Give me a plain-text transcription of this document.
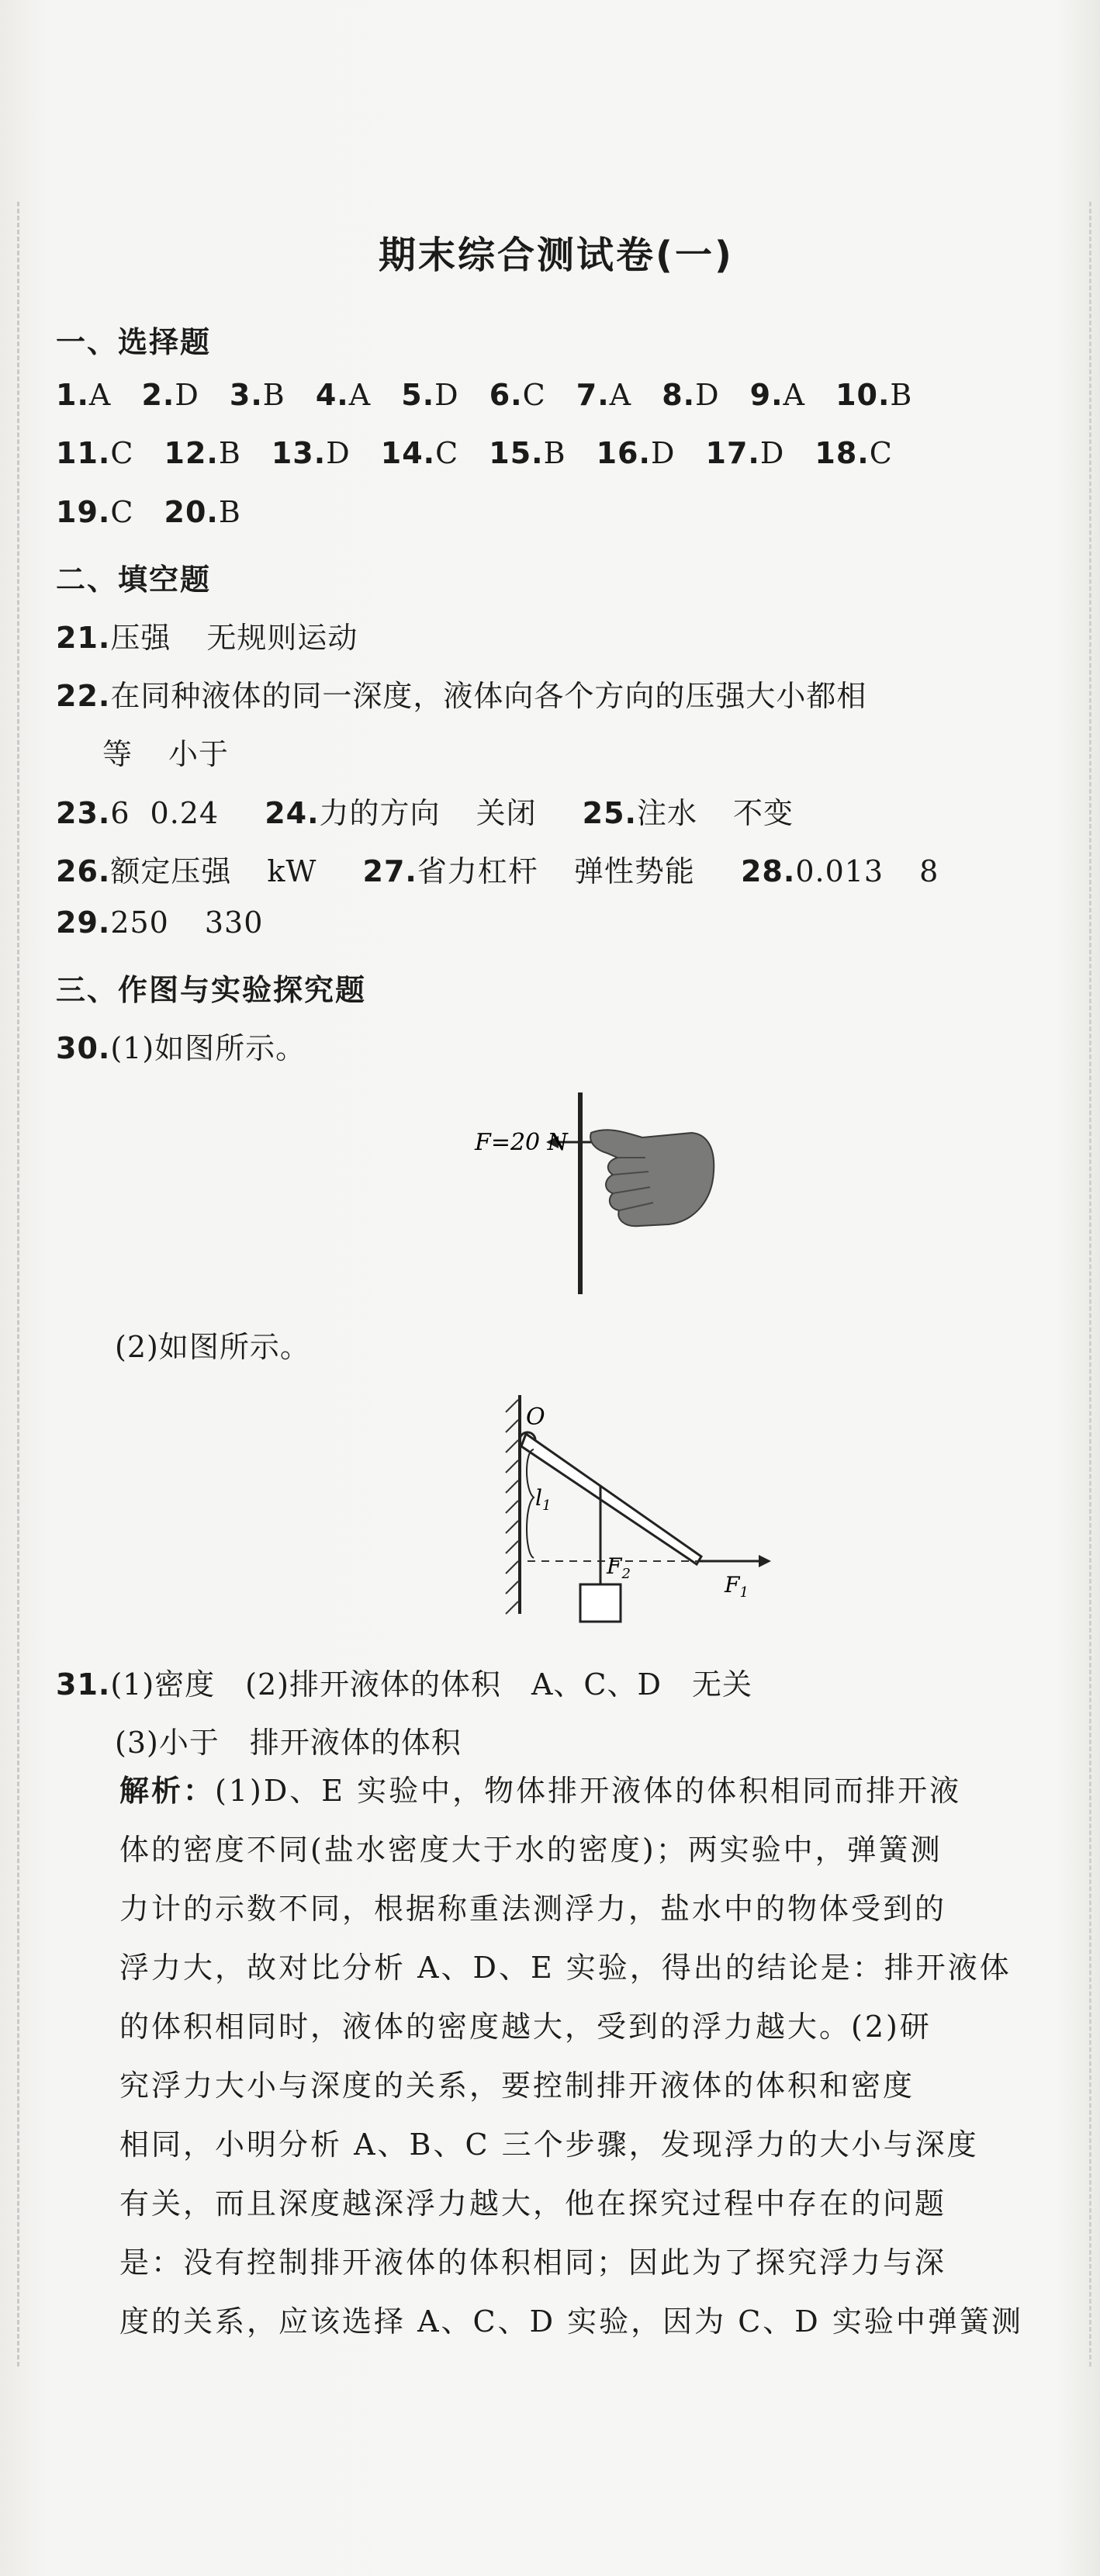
期末综合测试卷(一)
一、选择题
1.A 2.D 3.B 4.A 5.D 6.C 7.A 8.D 9.A 10.B
11.C 12.B 13.D 14.C 15.B 16.D 17.D 18.C
19.C 20.B
二、填空题
21.压强 无规则运动
22.在同种液体的同一深度，液体向各个方向的压强大小都相
等 小于
23.6 0.24 24.力的方向 关闭 25.注水 不变
26.额定压强 kW 27.省力杠杆 弹性势能 28.0.013 8
29.250 330
三、作图与实验探究题
30.(1)如图所示。
F=20 N
(2)如图所示。
O
$l_1$
$F_2$	$F_1$
31.(1)密度　(2)排开液体的体积　A、C、D　无关
(3)小于　排开液体的体积
解析：(1)D、E 实验中，物体排开液体的体积相同而排开液
体的密度不同(盐水密度大于水的密度)；两实验中，弹簧测
力计的示数不同，根据称重法测浮力，盐水中的物体受到的
浮力大，故对比分析 A、D、E 实验，得出的结论是：排开液体
的体积相同时，液体的密度越大，受到的浮力越大。(2)研
究浮力大小与深度的关系，要控制排开液体的体积和密度
相同，小明分析 A、B、C 三个步骤，发现浮力的大小与深度
有关，而且深度越深浮力越大，他在探究过程中存在的问题
是：没有控制排开液体的体积相同；因此为了探究浮力与深
度的关系，应该选择 A、C、D 实验，因为 C、D 实验中弹簧测
